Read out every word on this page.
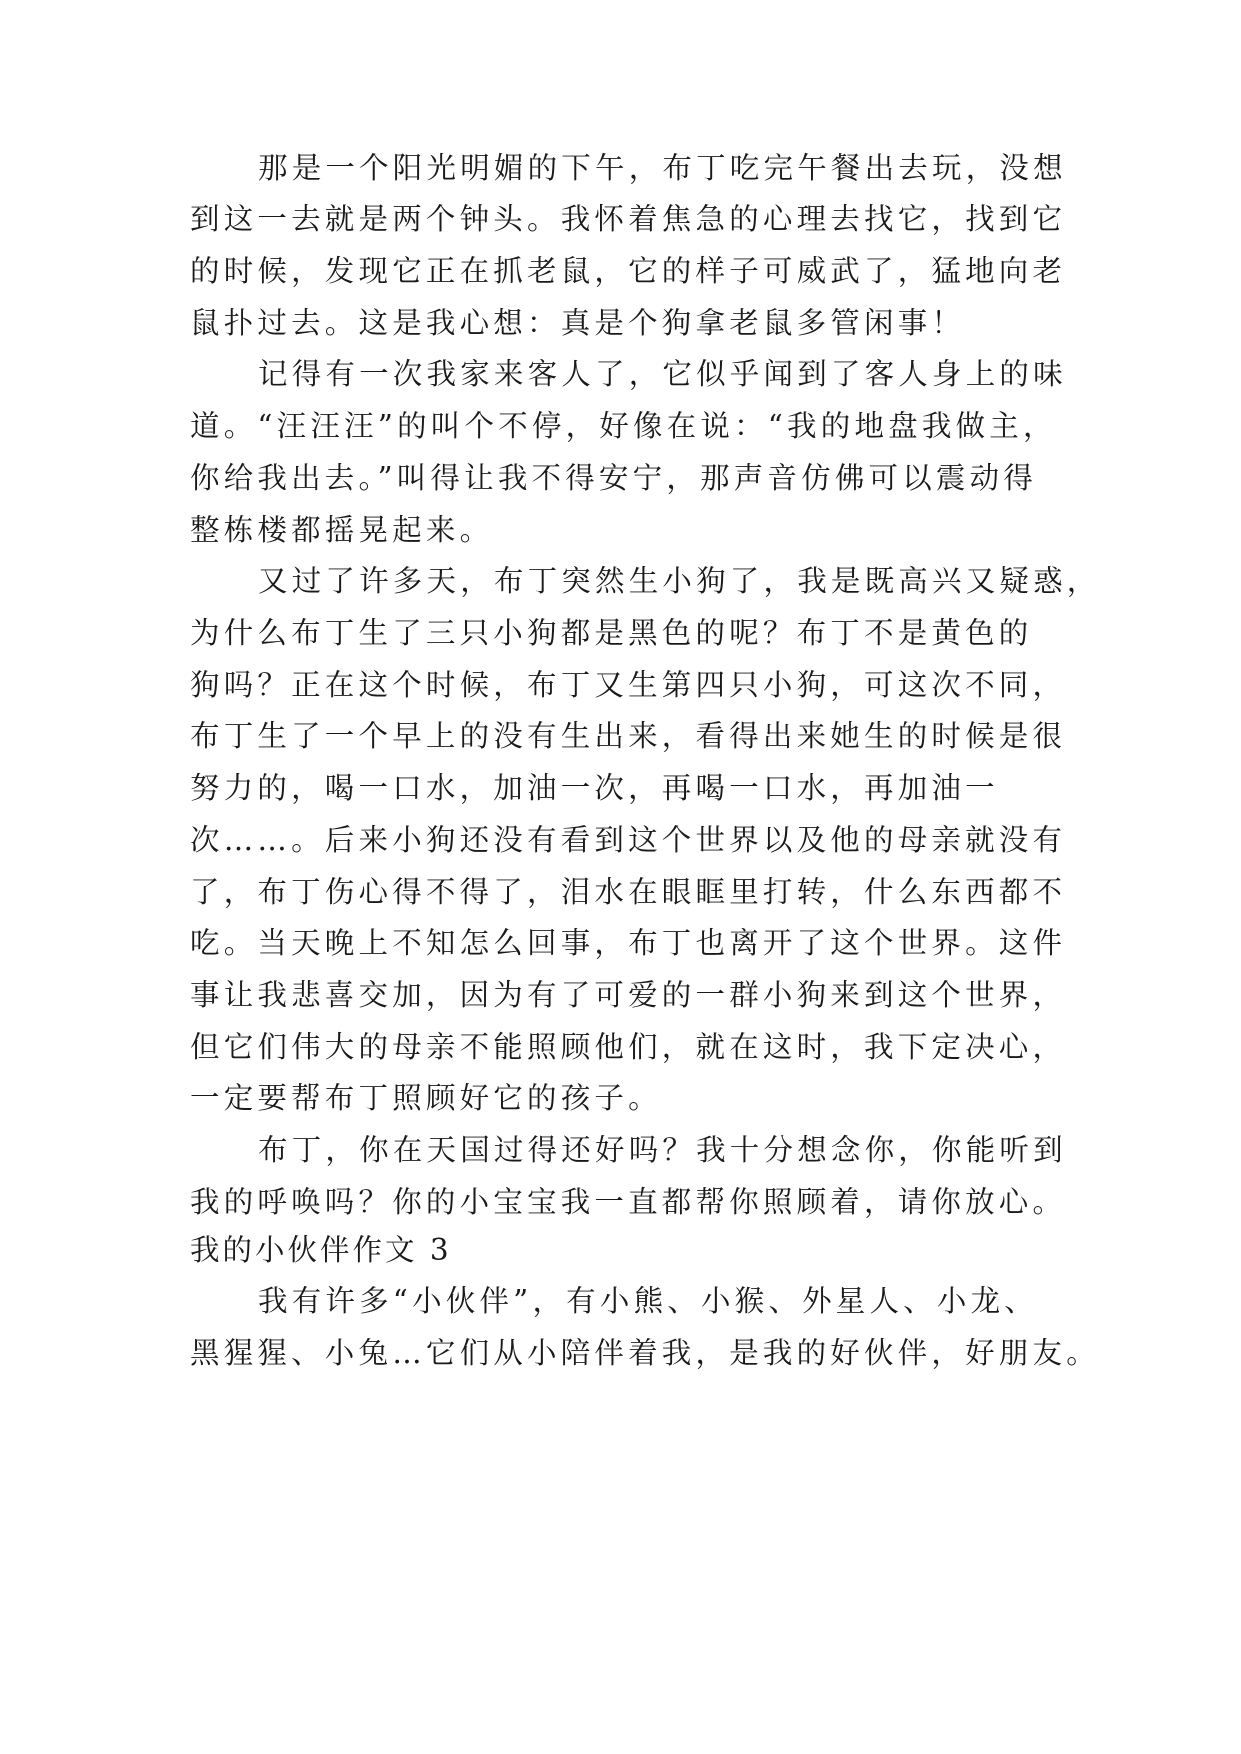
那是一个阳光明媚的下午，布丁吃完午餐出去玩，没想

到这一去就是两个钟头。我怀着焦急的心理去找它，找到它

的时候，发现它正在抓老鼠，它的样子可威武了，猛地向老

鼠扑过去。这是我心想：真是个狗拿老鼠多管闲事！

记得有一次我家来客人了，它似乎闻到了客人身上的味

道。“汪汪汪”的叫个不停，好像在说：“我的地盘我做主，

你给我出去。”叫得让我不得安宁，那声音仿佛可以震动得

整栋楼都摇晃起来。

又过了许多天，布丁突然生小狗了，我是既高兴又疑惑，

为什么布丁生了三只小狗都是黑色的呢？布丁不是黄色的

狗吗？正在这个时候，布丁又生第四只小狗，可这次不同，

布丁生了一个早上的没有生出来，看得出来她生的时候是很

努力的，喝一口水，加油一次，再喝一口水，再加油一

次……。后来小狗还没有看到这个世界以及他的母亲就没有

了，布丁伤心得不得了，泪水在眼眶里打转，什么东西都不

吃。当天晚上不知怎么回事，布丁也离开了这个世界。这件

事让我悲喜交加，因为有了可爱的一群小狗来到这个世界，

但它们伟大的母亲不能照顾他们，就在这时，我下定决心，

一定要帮布丁照顾好它的孩子。

布丁，你在天国过得还好吗？我十分想念你，你能听到

我的呼唤吗？你的小宝宝我一直都帮你照顾着，请你放心。

我的小伙伴作文 3

我有许多“小伙伴”，有小熊、小猴、外星人、小龙、

黑猩猩、小兔…它们从小陪伴着我，是我的好伙伴，好朋友。
